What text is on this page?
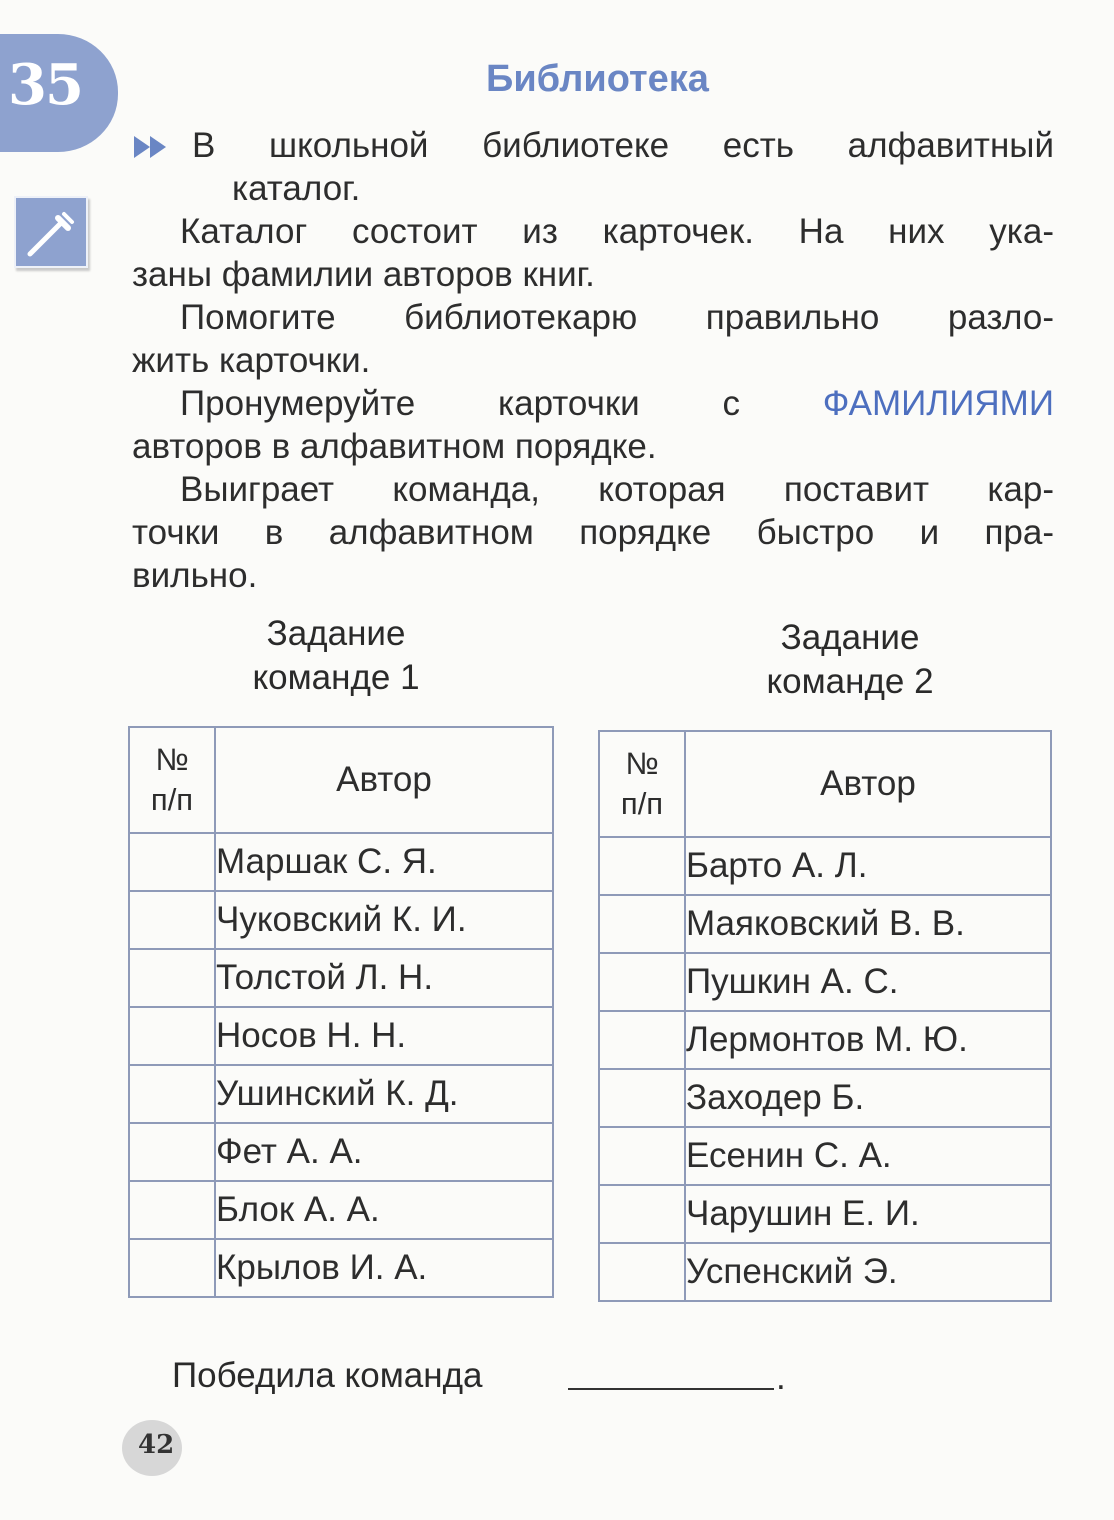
35	Библиотека

В школьной библиотеке есть алфавитный

каталог.

Каталог состоит из карточек. На них ука-

заны фамилии авторов книг.

Помогите библиотекарю правильно разло-

жить карточки.

Пронумеруйте карточки с ФАМИЛИЯМИ

авторов в алфавитном порядке.

Выиграет команда, которая поставит кар-

точки в алфавитном порядке быстро и пра-

вильно.

Задание
команде 1
Задание
команде 2
№
п/п	Автор
	Маршак С. Я.
	Чуковский К. И.
	Толстой Л. Н.
	Носов Н. Н.
	Ушинский К. Д.
	Фет А. А.
	Блок А. А.
	Крылов И. А.
№
п/п	Автор
	Барто А. Л.
	Маяковский В. В.
	Пушкин А. С.
	Лермонтов М. Ю.
	Заходер Б.
	Есенин С. А.
	Чарушин Е. И.
	Успенский Э.
Победила команда	.
42
